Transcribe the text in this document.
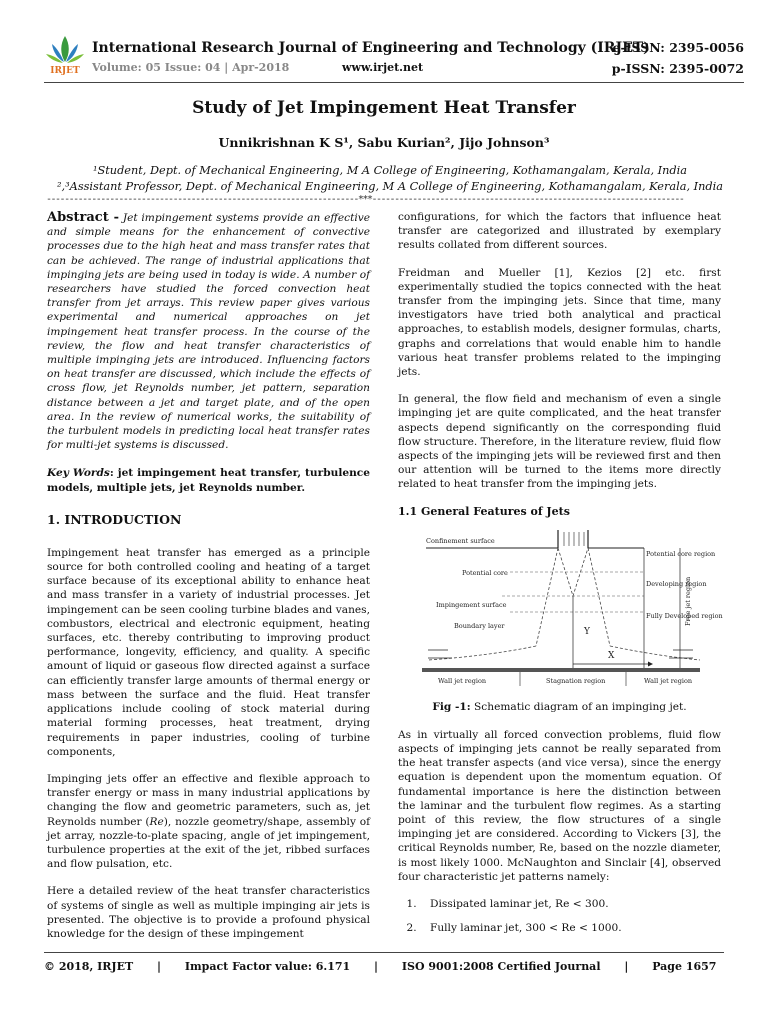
IRJET
International Research Journal of Engineering and Technology (IRJET)
e-ISSN: 2395-0056
Volume: 05 Issue: 04 | Apr-2018	www.irjet.net	p-ISSN: 2395-0072
Study of Jet Impingement Heat Transfer
Unnikrishnan K S¹, Sabu Kurian², Jijo Johnson³
¹Student, Dept. of Mechanical Engineering, M A College of Engineering, Kothamangalam, Kerala, India
²,³Assistant Professor, Dept. of Mechanical Engineering, M A College of Engineering, Kothamangalam, Kerala, India
---------------------------------------------------------------------***---------------------------------------------------------------------

Abstract - Jet impingement systems provide an effective and simple means for the enhancement of convective processes due to the high heat and mass transfer rates that can be achieved. The range of industrial applications that impinging jets are being used in today is wide. A number of researchers have studied the forced convection heat transfer from jet arrays. This review paper gives various experimental and numerical approaches on jet impingement heat transfer process. In the course of the review, the flow and heat transfer characteristics of multiple impinging jets are introduced. Influencing factors on heat transfer are discussed, which include the effects of cross flow, jet Reynolds number, jet pattern, separation distance between a jet and target plate, and of the open area. In the review of numerical works, the suitability of the turbulent models in predicting local heat transfer rates for multi-jet systems is discussed.

Key Words: jet impingement heat transfer, turbulence models, multiple jets, jet Reynolds number.

1. INTRODUCTION

Impingement heat transfer has emerged as a principle source for both controlled cooling and heating of a target surface because of its exceptional ability to enhance heat and mass transfer in a variety of industrial processes. Jet impingement can be seen cooling turbine blades and vanes, combustors, electrical and electronic equipment, heating surfaces, etc. thereby contributing to improving product performance, longevity, efficiency, and quality. A specific amount of liquid or gaseous flow directed against a surface can efficiently transfer large amounts of thermal energy or mass between the surface and the fluid. Heat transfer applications include cooling of stock material during material forming processes, heat treatment, drying requirements in paper industries, cooling of turbine components,

Impinging jets offer an effective and flexible approach to transfer energy or mass in many industrial applications by changing the flow and geometric parameters, such as, jet Reynolds number (Re), nozzle geometry/shape, assembly of jet array, nozzle-to-plate spacing, angle of jet impingement, turbulence properties at the exit of the jet, ribbed surfaces and flow pulsation, etc.

Here a detailed review of the heat transfer characteristics of systems of single as well as multiple impinging air jets is presented. The objective is to provide a profound physical knowledge for the design of these impingement

configurations, for which the factors that influence heat transfer are categorized and illustrated by exemplary results collated from different sources.

Freidman and Mueller [1], Kezios [2] etc. first experimentally studied the topics connected with the heat transfer from the impinging jets. Since that time, many investigators have tried both analytical and practical approaches, to establish models, designer formulas, charts, graphs and correlations that would enable him to handle various heat transfer problems related to the impinging jets.

In general, the flow field and mechanism of even a single impinging jet are quite complicated, and the heat transfer aspects depend significantly on the corresponding fluid flow structure. Therefore, in the literature review, fluid flow aspects of the impinging jets will be reviewed first and then our attention will be turned to the items more directly related to heat transfer from the impinging jets.

1.1 General Features of Jets
Confinement surface
Potential core
Impingement surface
Boundary layer
Potential core region
Developing region
Fully Developed region
Free jet region
Y
X
Wall jet region	Stagnation region	Wall jet region

Fig -1: Schematic diagram of an impinging jet.

As in virtually all forced convection problems, fluid flow aspects of impinging jets cannot be really separated from the heat transfer aspects (and vice versa), since the energy equation is dependent upon the momentum equation. Of fundamental importance is here the distinction between the laminar and the turbulent flow regimes. As a starting point of this review, the flow structures of a single impinging jet are considered. According to Vickers [3], the critical Reynolds number, Re, based on the nozzle diameter, is most likely 1000. McNaughton and Sinclair [4], observed four characteristic jet patterns namely:

1. Dissipated laminar jet, Re < 300.
2. Fully laminar jet, 300 < Re < 1000.
© 2018, IRJET | Impact Factor value: 6.171 | ISO 9001:2008 Certified Journal | Page 1657
